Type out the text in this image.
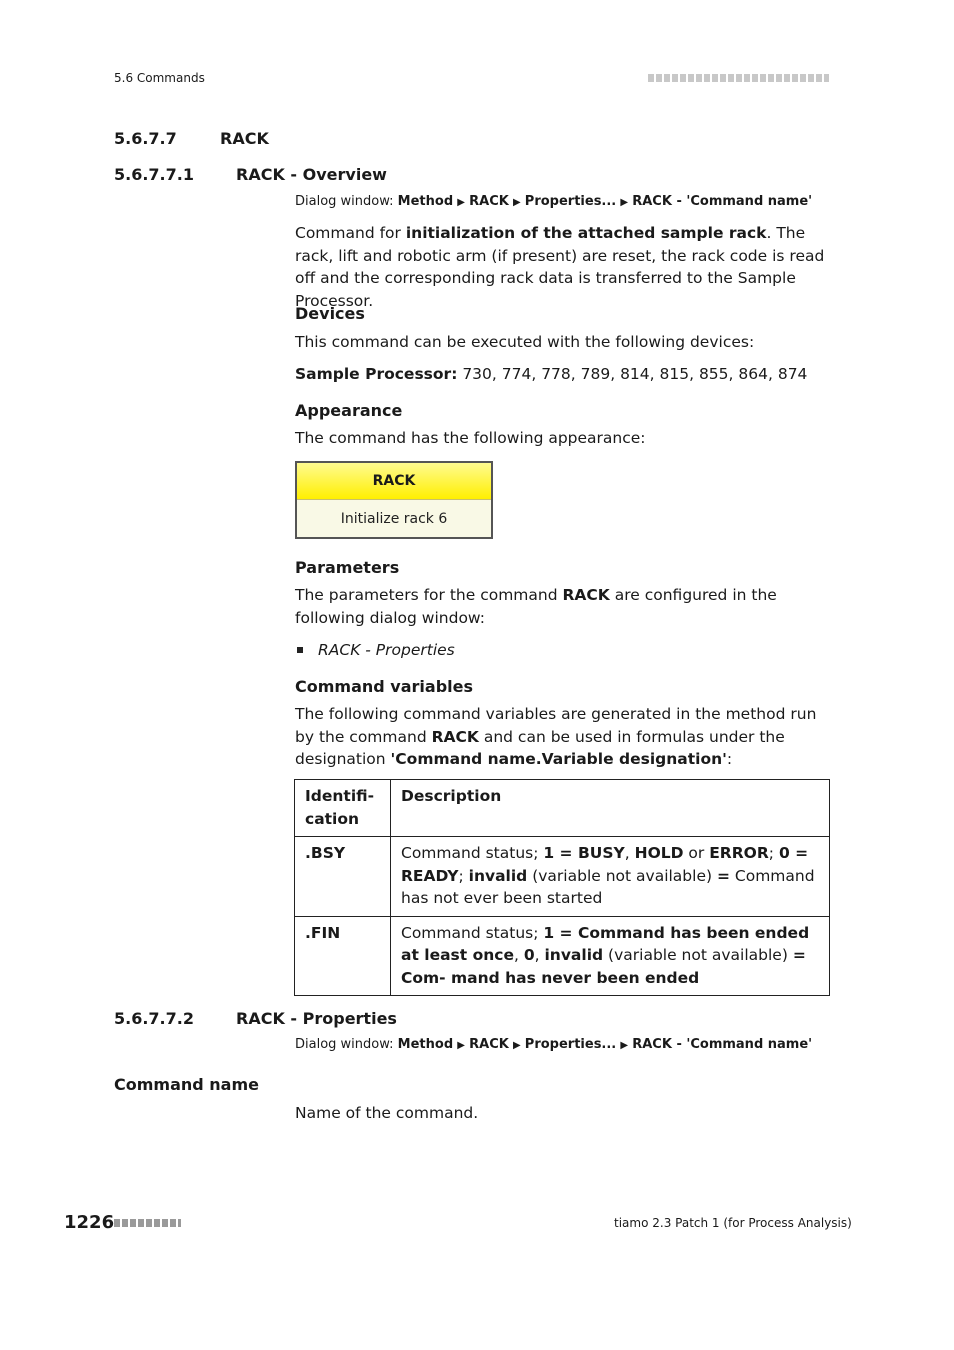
5.6 Commands
5.6.7.7	RACK
5.6.7.7.1	RACK - Overview
Dialog window: Method ▶ RACK ▶ Properties... ▶ RACK - 'Command name'
Command for initialization of the attached sample rack. The rack, lift and robotic arm (if present) are reset, the rack code is read off and the corresponding rack data is transferred to the Sample Processor.
Devices
This command can be executed with the following devices:
Sample Processor: 730, 774, 778, 789, 814, 815, 855, 864, 874
Appearance
The command has the following appearance:
RACK
Initialize rack 6
Parameters
The parameters for the command RACK are configured in the following dialog window:
RACK - Properties
Command variables
The following command variables are generated in the method run by the command RACK and can be used in formulas under the designation 'Command name.Variable designation':
Identifi- cation	Description
.BSY	Command status; 1 = BUSY, HOLD or ERROR; 0 = READY; invalid (variable not available) = Command has not ever been started
.FIN	Command status; 1 = Command has been ended at least once, 0, invalid (variable not available) = Com- mand has never been ended
5.6.7.7.2	RACK - Properties
Dialog window: Method ▶ RACK ▶ Properties... ▶ RACK - 'Command name'
Command name
Name of the command.
1226	tiamo 2.3 Patch 1 (for Process Analysis)
